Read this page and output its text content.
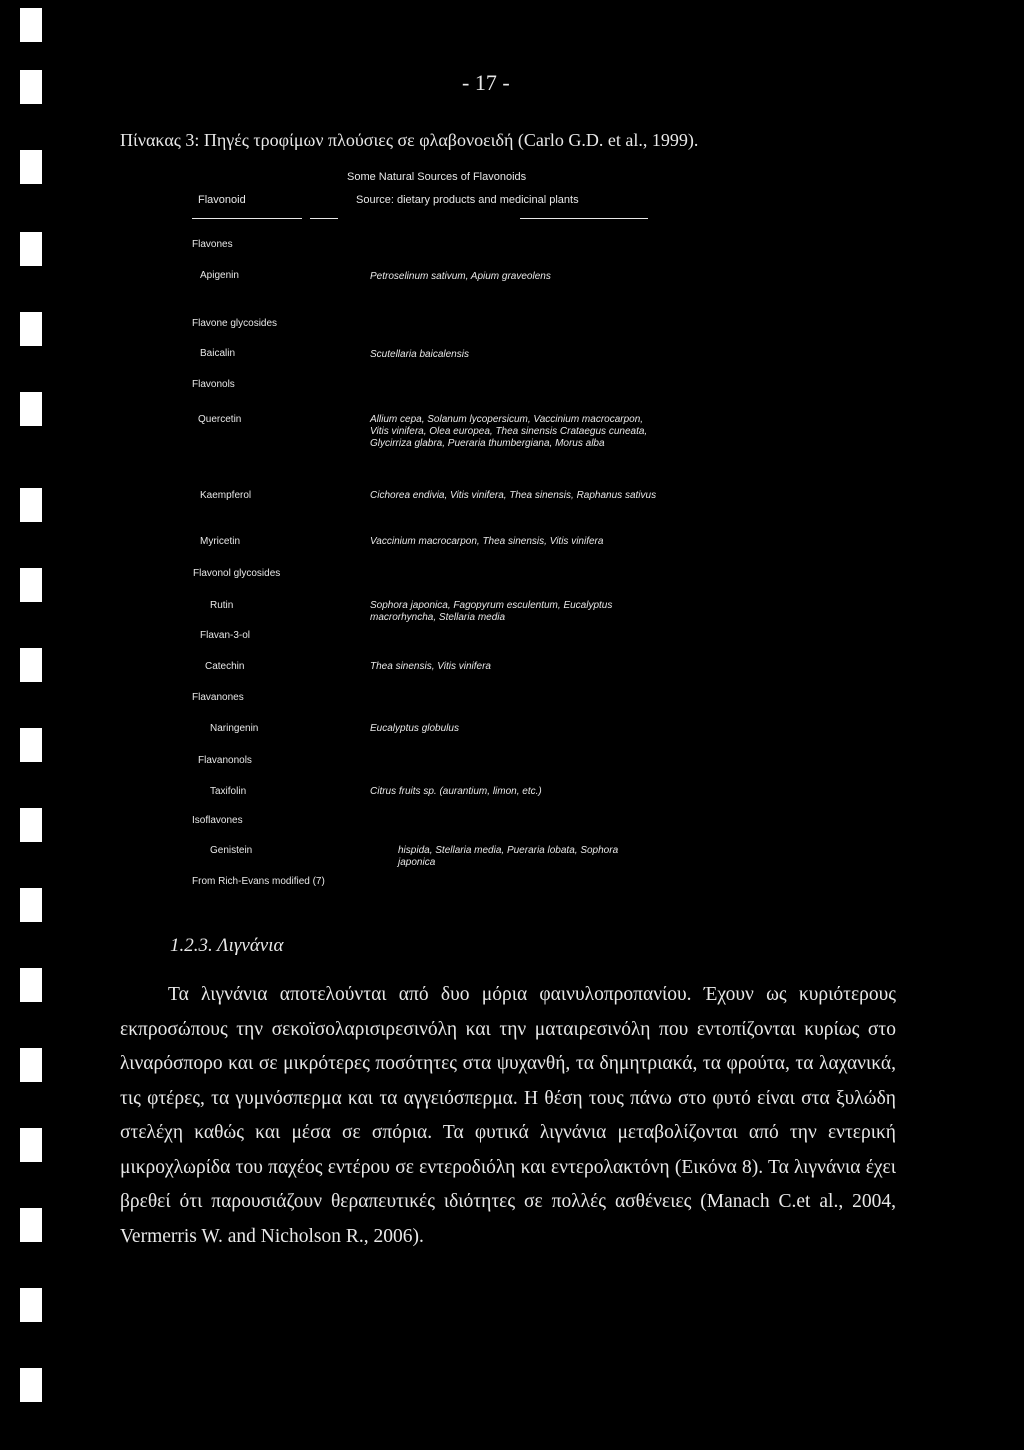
- 17 -
Πίνακας 3: Πηγές τροφίμων πλούσιες σε φλαβονοειδή (Carlo G.D. et al., 1999).
Some Natural Sources of Flavonoids
Flavonoid	Source: dietary products and medicinal plants
Flavones
Apigenin	Petroselinum sativum, Apium graveolens
Flavone glycosides
Baicalin	Scutellaria baicalensis
Flavonols
Quercetin	Allium cepa, Solanum lycopersicum, Vaccinium macrocarpon, Vitis vinifera, Olea europea, Thea sinensis Crataegus cuneata, Glycirriza glabra, Pueraria thumbergiana, Morus alba
Kaempferol	Cichorea endivia, Vitis vinifera, Thea sinensis, Raphanus sativus
Myricetin	Vaccinium macrocarpon, Thea sinensis, Vitis vinifera
Flavonol glycosides
Rutin	Sophora japonica, Fagopyrum esculentum, Eucalyptus macrorhyncha, Stellaria media
Flavan-3-ol
Catechin	Thea sinensis, Vitis vinifera
Flavanones
Naringenin	Eucalyptus globulus
Flavanonols
Taxifolin	Citrus fruits sp. (aurantium, limon, etc.)
Isoflavones
Genistein	hispida, Stellaria media, Pueraria lobata, Sophora japonica
From Rich-Evans modified (7)
1.2.3. Λιγνάνια

Τα λιγνάνια αποτελούνται από δυο μόρια φαινυλοπροπανίου. Έχουν ως κυριότερους εκπροσώπους την σεκοϊσολαρισιρεσινόλη και την ματαιρεσινόλη που εντοπίζονται κυρίως στο λιναρόσπορο και σε μικρότερες ποσότητες στα ψυχανθή, τα δημητριακά, τα φρούτα, τα λαχανικά, τις φτέρες, τα γυμνόσπερμα και τα αγγειόσπερμα. Η θέση τους πάνω στο φυτό είναι στα ξυλώδη στελέχη καθώς και μέσα σε σπόρια. Τα φυτικά λιγνάνια μεταβολίζονται από την εντερική μικροχλωρίδα του παχέος εντέρου σε εντεροδιόλη και εντερολακτόνη (Εικόνα 8). Τα λιγνάνια έχει βρεθεί ότι παρουσιάζουν θεραπευτικές ιδιότητες σε πολλές ασθένειες (Manach C.et al., 2004, Vermerris W. and Nicholson R., 2006).
